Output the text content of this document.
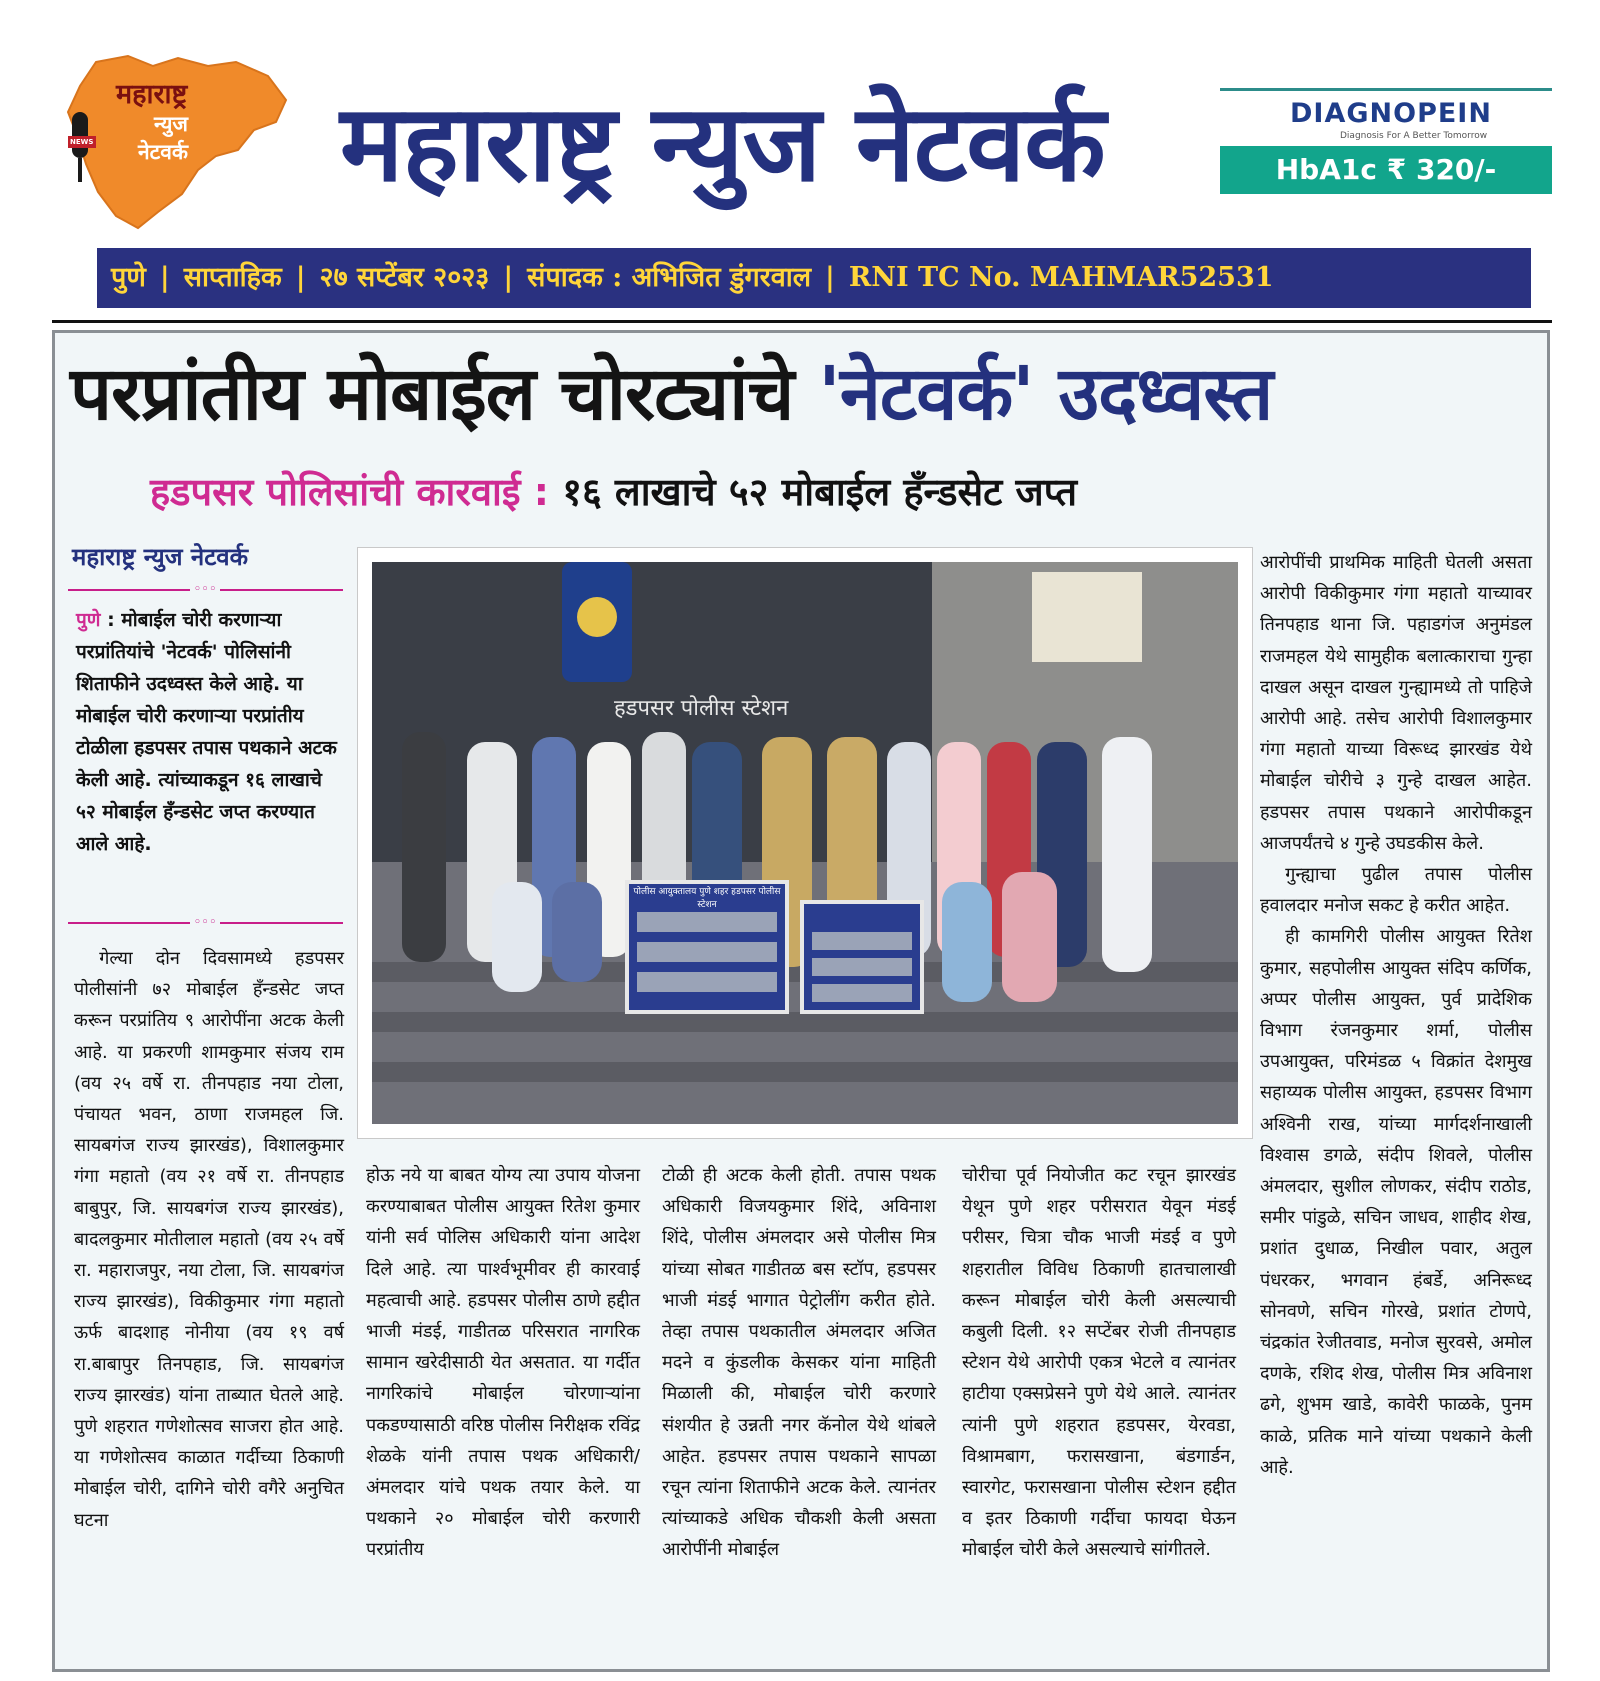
महाराष्ट्र
न्युज
नेटवर्क
NEWS महाराष्ट्र न्युज नेटवर्क	DIAGNOPEIN
Diagnosis For A Better Tomorrow
HbA1c ₹ 320/-
पुणे | साप्ताहिक | २७ सप्टेंबर २०२३ | संपादक : अभिजित डुंगरवाल | RNI TC No. MAHMAR52531
परप्रांतीय मोबाईल चोरट्यांचे 'नेटवर्क' उदध्वस्त
हडपसर पोलिसांची कारवाई : १६ लाखाचे ५२ मोबाईल हँन्डसेट जप्त
महाराष्ट्र न्युज नेटवर्क
◦◦◦
पुणे : मोबाईल चोरी करणाऱ्या परप्रांतियांचे 'नेटवर्क' पोलिसांनी शिताफीने उदध्वस्त केले आहे. या मोबाईल चोरी करणाऱ्या परप्रांतीय टोळीला हडपसर तपास पथकाने अटक केली आहे. त्यांच्याकडून १६ लाखाचे ५२ मोबाईल हँन्डसेट जप्त करण्यात आले आहे.
◦◦◦
हडपसर पोलीस स्टेशन
पोलीस आयुक्तालय पुणे शहर हडपसर पोलीस स्टेशन

गेल्या दोन दिवसामध्ये हडपसर पोलीसांनी ७२ मोबाईल हँन्डसेट जप्त करून परप्रांतिय ९ आरोपींना अटक केली आहे. या प्रकरणी शामकुमार संजय राम (वय २५ वर्षे रा. तीनपहाड नया टोला, पंचायत भवन, ठाणा राजमहल जि. सायबगंज राज्य झारखंड), विशालकुमार गंगा महातो (वय २१ वर्षे रा. तीनपहाड बाबुपुर, जि. सायबगंज राज्य झारखंड), बादलकुमार मोतीलाल महातो (वय २५ वर्षे रा. महाराजपुर, नया टोला, जि. सायबगंज राज्य झारखंड), विकीकुमार गंगा महातो ऊर्फ बादशाह नोनीया (वय १९ वर्ष रा.बाबापुर तिनपहाड, जि. सायबगंज राज्य झारखंड) यांना ताब्यात घेतले आहे. पुणे शहरात गणेशोत्सव साजरा होत आहे. या गणेशोत्सव काळात गर्दीच्या ठिकाणी मोबाईल चोरी, दागिने चोरी वगैरे अनुचित घटना

होऊ नये या बाबत योग्य त्या उपाय योजना करण्याबाबत पोलीस आयुक्त रितेश कुमार यांनी सर्व पोलिस अधिकारी यांना आदेश दिले आहे. त्या पार्श्वभूमीवर ही कारवाई महत्वाची आहे. हडपसर पोलीस ठाणे हद्दीत भाजी मंडई, गाडीतळ परिसरात नागरिक सामान खरेदीसाठी येत असतात. या गर्दीत नागरिकांचे मोबाईल चोरणाऱ्यांना पकडण्यासाठी वरिष्ठ पोलीस निरीक्षक रविंद्र शेळके यांनी तपास पथक अधिकारी/अंमलदार यांचे पथक तयार केले. या पथकाने २० मोबाईल चोरी करणारी परप्रांतीय

टोळी ही अटक केली होती. तपास पथक अधिकारी विजयकुमार शिंदे, अविनाश शिंदे, पोलीस अंमलदार असे पोलीस मित्र यांच्या सोबत गाडीतळ बस स्टॉप, हडपसर भाजी मंडई भागात पेट्रोलींग करीत होते. तेव्हा तपास पथकातील अंमलदार अजित मदने व कुंडलीक केसकर यांना माहिती मिळाली की, मोबाईल चोरी करणारे संशयीत हे उन्नती नगर कॅनोल येथे थांबले आहेत. हडपसर तपास पथकाने सापळा रचून त्यांना शिताफीने अटक केले. त्यानंतर त्यांच्याकडे अधिक चौकशी केली असता आरोपींनी मोबाईल

चोरीचा पूर्व नियोजीत कट रचून झारखंड येथून पुणे शहर परीसरात येवून मंडई परीसर, चित्रा चौक भाजी मंडई व पुणे शहरातील विविध ठिकाणी हातचालाखी करून मोबाईल चोरी केली असल्याची कबुली दिली. १२ सप्टेंबर रोजी तीनपहाड स्टेशन येथे आरोपी एकत्र भेटले व त्यानंतर हाटीया एक्सप्रेसने पुणे येथे आले. त्यानंतर त्यांनी पुणे शहरात हडपसर, येरवडा, विश्रामबाग, फरासखाना, बंडगार्डन, स्वारगेट, फरासखाना पोलीस स्टेशन हद्दीत व इतर ठिकाणी गर्दीचा फायदा घेऊन मोबाईल चोरी केले असल्याचे सांगीतले.

आरोपींची प्राथमिक माहिती घेतली असता आरोपी विकीकुमार गंगा महातो याच्यावर तिनपहाड थाना जि. पहाडगंज अनुमंडल राजमहल येथे सामुहीक बलात्काराचा गुन्हा दाखल असून दाखल गुन्ह्यामध्ये तो पाहिजे आरोपी आहे. तसेच आरोपी विशालकुमार गंगा महातो याच्या विरूध्द झारखंड येथे मोबाईल चोरीचे ३ गुन्हे दाखल आहेत. हडपसर तपास पथकाने आरोपीकडून आजपर्यंतचे ४ गुन्हे उघडकीस केले.

गुन्ह्याचा पुढील तपास पोलीस हवालदार मनोज सकट हे करीत आहेत.

ही कामगिरी पोलीस आयुक्त रितेश कुमार, सहपोलीस आयुक्त संदिप कर्णिक, अप्पर पोलीस आयुक्त, पुर्व प्रादेशिक विभाग रंजनकुमार शर्मा, पोलीस उपआयुक्त, परिमंडळ ५ विक्रांत देशमुख सहाय्यक पोलीस आयुक्त, हडपसर विभाग अश्विनी राख, यांच्या मार्गदर्शनाखाली विश्वास डगळे, संदीप शिवले, पोलीस अंमलदार, सुशील लोणकर, संदीप राठोड, समीर पांडुळे, सचिन जाधव, शाहीद शेख, प्रशांत दुधाळ, निखील पवार, अतुल पंधरकर, भगवान हंबर्डे, अनिरूध्द सोनवणे, सचिन गोरखे, प्रशांत टोणपे, चंद्रकांत रेजीतवाड, मनोज सुरवसे, अमोल दणके, रशिद शेख, पोलीस मित्र अविनाश ढगे, शुभम खाडे, कावेरी फाळके, पुनम काळे, प्रतिक माने यांच्या पथकाने केली आहे.
